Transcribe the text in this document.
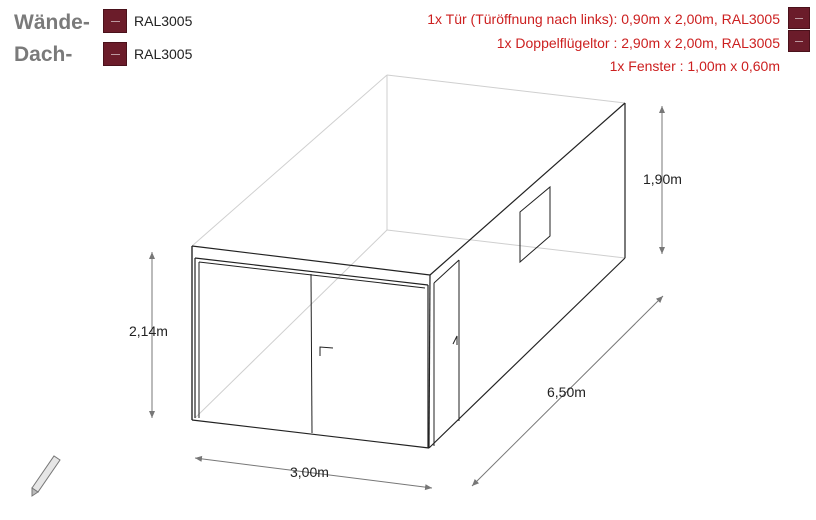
Wände-	RAL3005
Dach-	RAL3005
1x Tür (Türöffnung nach links): 0,90m x 2,00m, RAL3005
1x Doppelflügeltor : 2,90m x 2,00m, RAL3005
1x Fenster : 1,00m x 0,60m
2,14m
1,90m
3,00m
6,50m
